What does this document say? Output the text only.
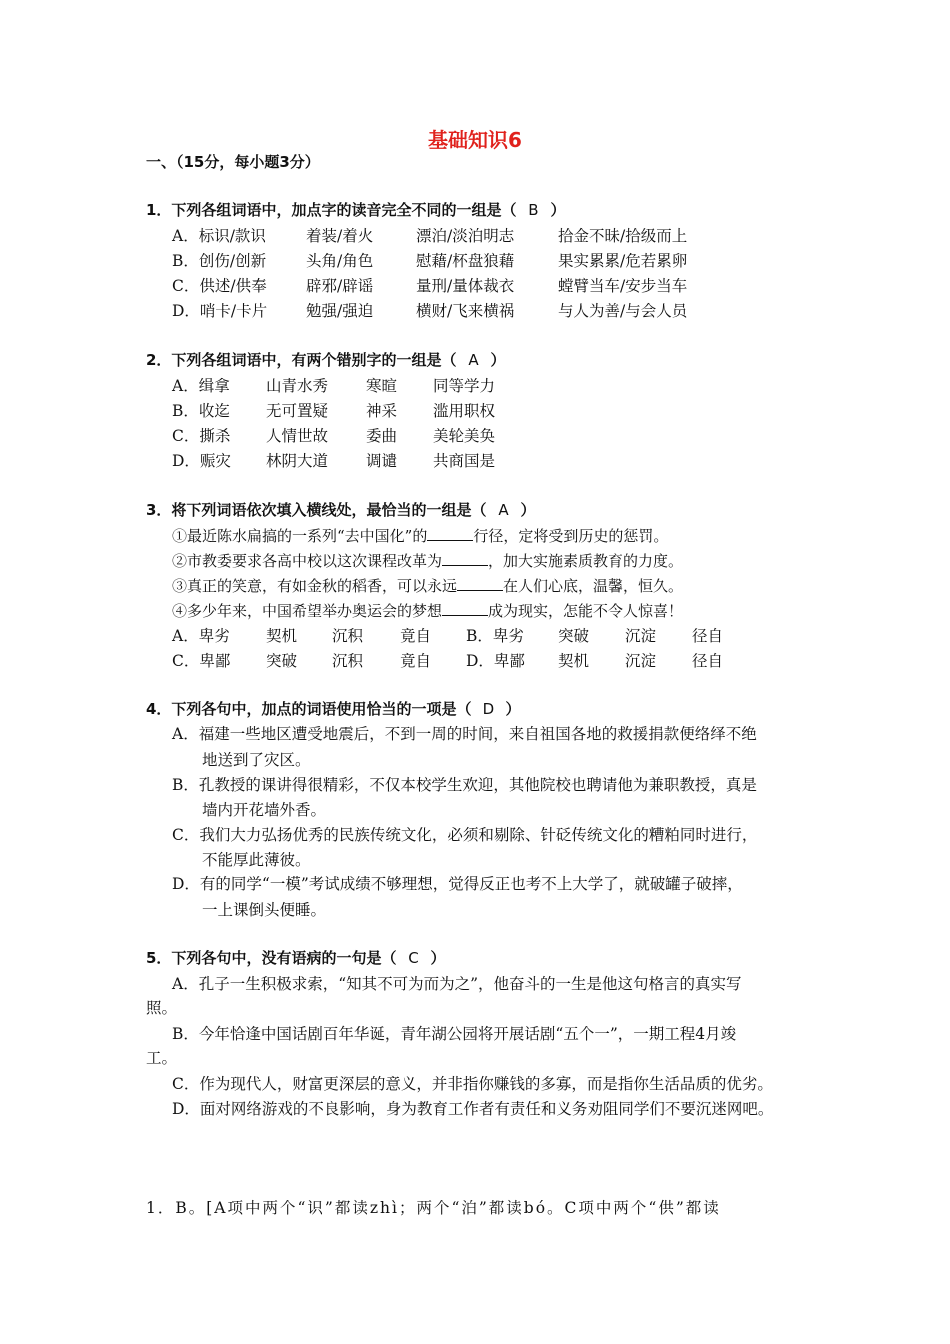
基础知识6
一、（15分，每小题3分）
1．下列各组词语中，加点字的读音完全不同的一组是（ B ）
A．标识/款识	着装/着火	漂泊/淡泊明志	拾金不昧/拾级而上
B．创伤/创新	头角/角色	慰藉/杯盘狼藉	果实累累/危若累卵
C．供述/供奉	辟邪/辟谣	量刑/量体裁衣	螳臂当车/安步当车
D．哨卡/卡片	勉强/强迫	横财/飞来横祸	与人为善/与会人员
2．下列各组词语中，有两个错别字的一组是（ A ）
A．缉拿 山青水秀 寒暄 同等学力
B．收迄 无可置疑 神采 滥用职权
C．撕杀 人情世故 委曲 美轮美奂
D．赈灾 林阴大道 调谴 共商国是
3．将下列词语依次填入横线处，最恰当的一组是（ A ）
①最近陈水扁搞的一系列“去中国化”的	行径，定将受到历史的惩罚。
②市教委要求各高中校以这次课程改革为	，加大实施素质教育的力度。
③真正的笑意，有如金秋的稻香，可以永远	在人们心底，温馨，恒久。
④多少年来，中国希望举办奥运会的梦想	成为现实，怎能不令人惊喜！
A．卑劣 契机 沉积 竟自 B．卑劣 突破 沉淀 径自
C．卑鄙 突破 沉积 竟自 D．卑鄙 契机 沉淀 径自
4．下列各句中，加点的词语使用恰当的一项是（ D ）
A．福建一些地区遭受地震后，不到一周的时间，来自祖国各地的救援捐款便络绎不绝
地送到了灾区。
B．孔教授的课讲得很精彩，不仅本校学生欢迎，其他院校也聘请他为兼职教授，真是
墙内开花墙外香。
C．我们大力弘扬优秀的民族传统文化，必须和剔除、针砭传统文化的糟粕同时进行，
不能厚此薄彼。
D．有的同学“一模”考试成绩不够理想，觉得反正也考不上大学了，就破罐子破摔，
一上课倒头便睡。
5．下列各句中，没有语病的一句是（ C ）
A．孔子一生积极求索，“知其不可为而为之”，他奋斗的一生是他这句格言的真实写
照。
B．今年恰逢中国话剧百年华诞，青年湖公园将开展话剧“五个一”，一期工程4月竣
工。
C．作为现代人，财富更深层的意义，并非指你赚钱的多寡，而是指你生活品质的优劣。
D．面对网络游戏的不良影响，身为教育工作者有责任和义务劝阻同学们不要沉迷网吧。
1．B。[A项中两个“识”都读zhì；两个“泊”都读bó。C项中两个“供”都读
